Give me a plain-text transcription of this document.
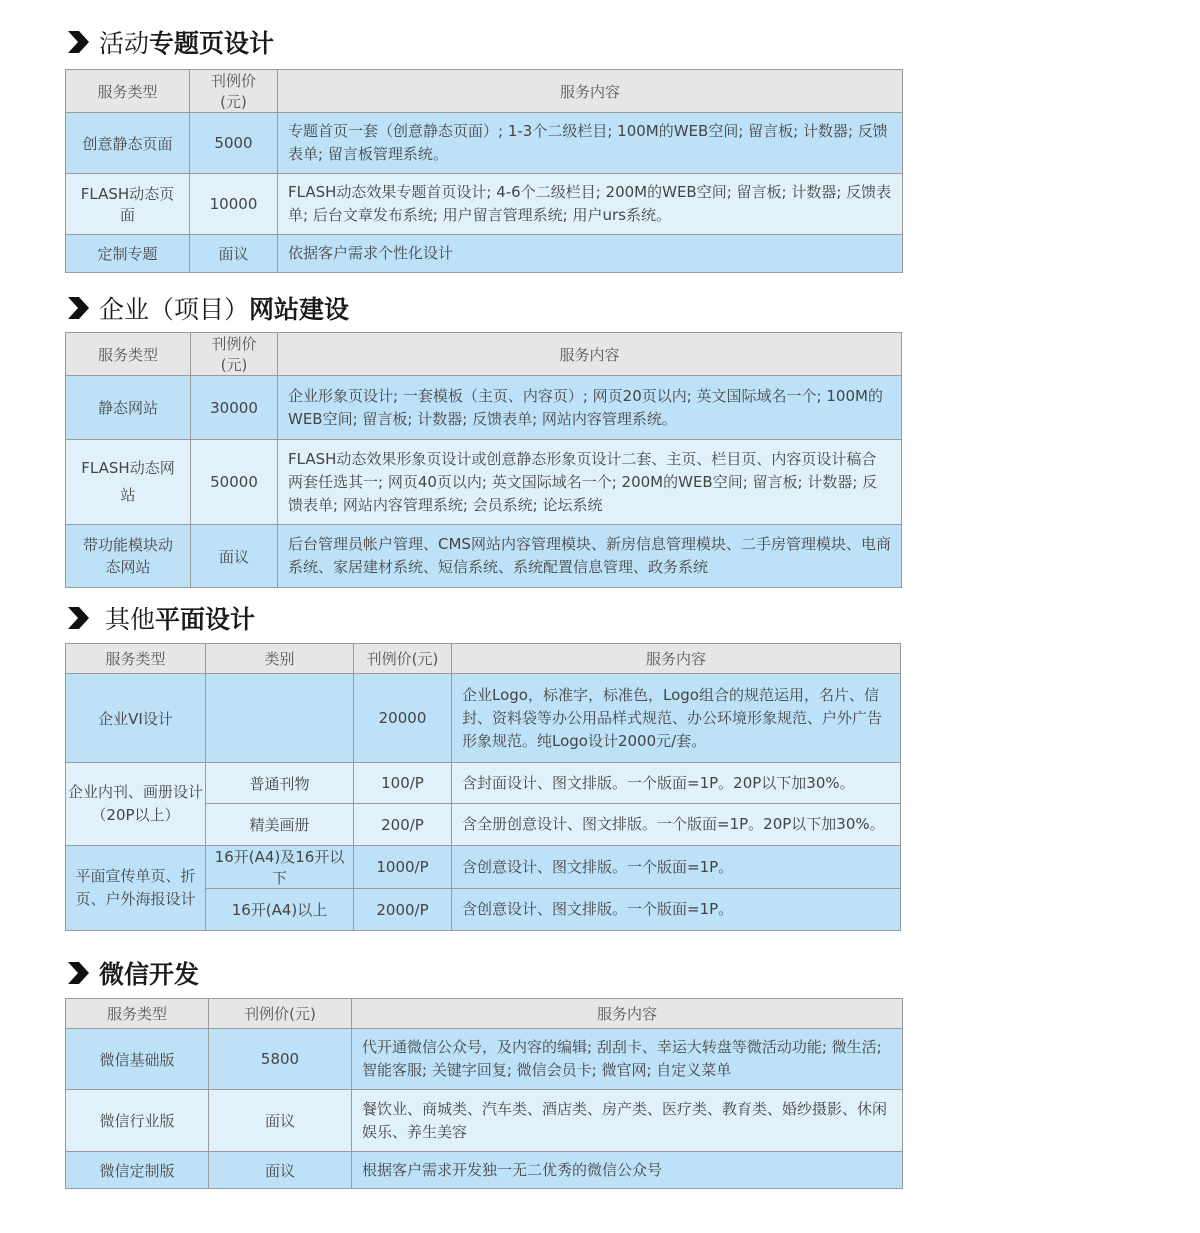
活动 专题页设计
服务类型	刊例价(元)	服务内容
创意静态页面	5000	专题首页一套（创意静态页面）; 1-3个二级栏目; 100M的WEB空间; 留言板; 计数器; 反馈表单; 留言板管理系统。
FLASH动态页面	10000	FLASH动态效果专题首页设计; 4-6个二级栏目; 200M的WEB空间; 留言板; 计数器; 反馈表单; 后台文章发布系统; 用户留言管理系统; 用户urs系统。
定制专题	面议	依据客户需求个性化设计
企业（项目） 网站建设
服务类型	刊例价(元)	服务内容
静态网站	30000	企业形象页设计; 一套模板（主页、内容页）; 网页20页以内; 英文国际域名一个; 100M的WEB空间; 留言板; 计数器; 反馈表单; 网站内容管理系统。
FLASH动态网站	50000	FLASH动态效果形象页设计或创意静态形象页设计二套、主页、栏目页、内容页设计稿合两套任选其一; 网页40页以内; 英文国际域名一个; 200M的WEB空间; 留言板; 计数器; 反馈表单; 网站内容管理系统; 会员系统; 论坛系统
带功能模块动态网站	面议	后台管理员帐户管理、CMS网站内容管理模块、新房信息管理模块、二手房管理模块、电商系统、家居建材系统、短信系统、系统配置信息管理、政务系统
其他 平面设计
服务类型	类别	刊例价(元)	服务内容
企业VI设计		20000	企业Logo，标准字，标准色，Logo组合的规范运用，名片、信封、资料袋等办公用品样式规范、办公环境形象规范、户外广告形象规范。纯Logo设计2000元/套。
企业内刊、画册设计（20P以上）	普通刊物	100/P	含封面设计、图文排版。一个版面=1P。20P以下加30%。
	精美画册	200/P	含全册创意设计、图文排版。一个版面=1P。20P以下加30%。
平面宣传单页、折页、户外海报设计	16开(A4)及16开以下	1000/P	含创意设计、图文排版。一个版面=1P。
	16开(A4)以上	2000/P	含创意设计、图文排版。一个版面=1P。
微信开发
服务类型	刊例价(元)	服务内容
微信基础版	5800	代开通微信公众号，及内容的编辑; 刮刮卡、幸运大转盘等微活动功能; 微生活; 智能客服; 关键字回复; 微信会员卡; 微官网; 自定义菜单
微信行业版	面议	餐饮业、商城类、汽车类、酒店类、房产类、医疗类、教育类、婚纱摄影、休闲娱乐、养生美容
微信定制版	面议	根据客户需求开发独一无二优秀的微信公众号
